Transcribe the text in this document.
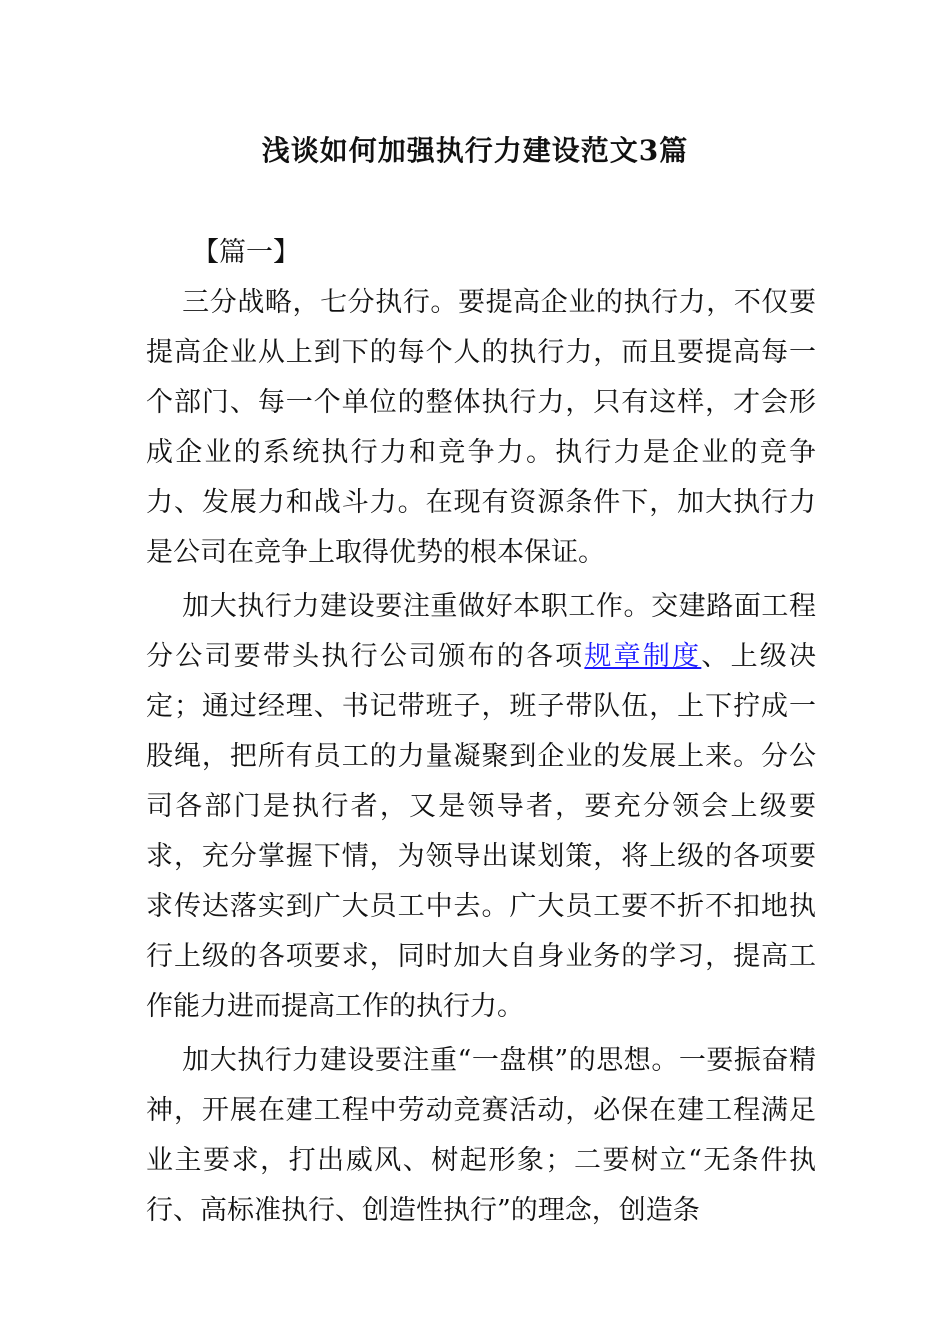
浅谈如何加强执行力建设范文3篇
【篇一】

三分战略，七分执行。要提高企业的执行力，不仅要提高企业从上到下的每个人的执行力，而且要提高每一个部门、每一个单位的整体执行力，只有这样，才会形成企业的系统执行力和竞争力。执行力是企业的竞争力、发展力和战斗力。在现有资源条件下，加大执行力是公司在竞争上取得优势的根本保证。

加大执行力建设要注重做好本职工作。交建路面工程分公司要带头执行公司颁布的各项规章制度、上级决定；通过经理、书记带班子，班子带队伍，上下拧成一股绳，把所有员工的力量凝聚到企业的发展上来。分公司各部门是执行者，又是领导者，要充分领会上级要求，充分掌握下情，为领导出谋划策，将上级的各项要求传达落实到广大员工中去。广大员工要不折不扣地执行上级的各项要求，同时加大自身业务的学习，提高工作能力进而提高工作的执行力。

加大执行力建设要注重“一盘棋”的思想。一要振奋精神，开展在建工程中劳动竞赛活动，必保在建工程满足业主要求，打出威风、树起形象；二要树立“无条件执行、高标准执行、创造性执行”的理念，创造条
